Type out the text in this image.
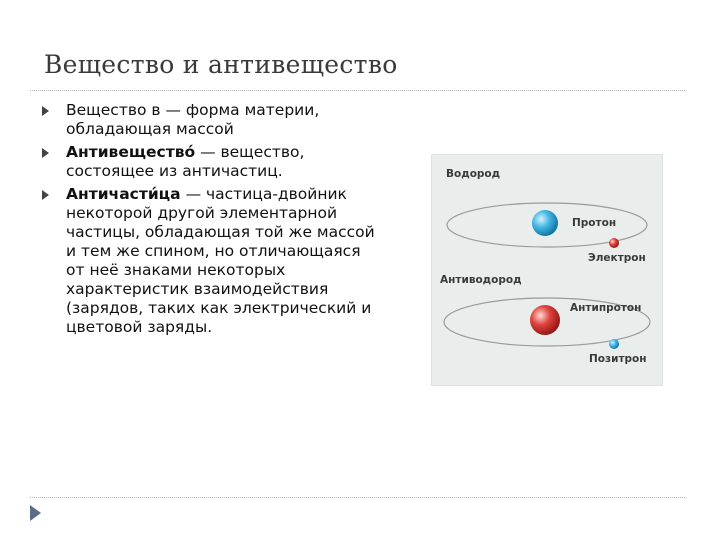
Вещество и антивещество
Вещество в — форма материи, обладающая массой
Антивещество́ — вещество, состоящее из античастиц.
Античасти́ца — частица-двойник некоторой другой элементарной частицы, обладающая той же массой и тем же спином, но отличающаяся от неё знаками некоторых характеристик взаимодействия (зарядов, таких как электрический и цветовой заряды.
Водород
Протон
Электрон
Антиводород
Антипротон
Позитрон
